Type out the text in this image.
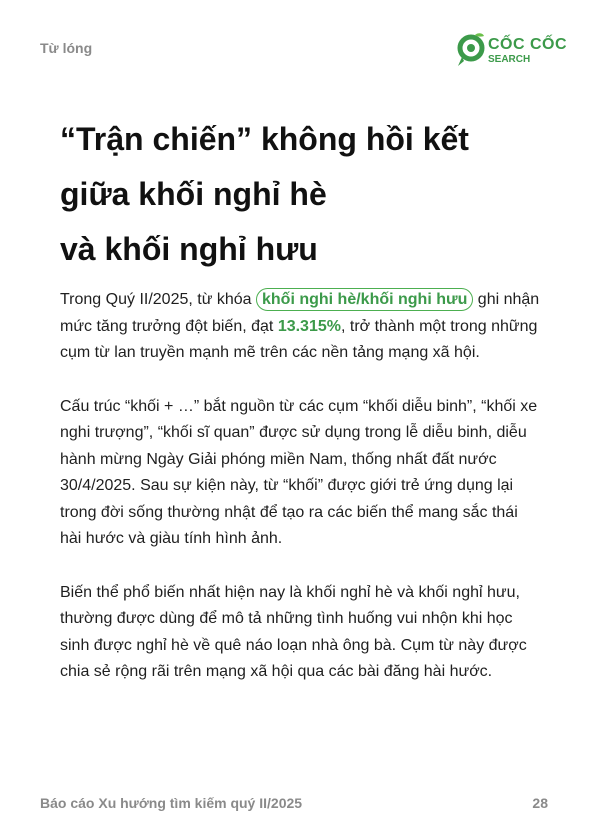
Từ lóng	CỐC CỐC
SEARCH
“Trận chiến” không hồi kết
giữa khối nghỉ hè
và khối nghỉ hưu

Trong Quý II/2025, từ khóa khối nghi hè/khối nghi hưu ghi nhận mức tăng trưởng đột biến, đạt 13.315%, trở thành một trong những cụm từ lan truyền mạnh mẽ trên các nền tảng mạng xã hội.

Cấu trúc “khối + …” bắt nguồn từ các cụm “khối diễu binh”, “khối xe nghi trượng”, “khối sĩ quan” được sử dụng trong lễ diễu binh, diễu hành mừng Ngày Giải phóng miền Nam, thống nhất đất nước 30/4/2025. Sau sự kiện này, từ “khối” được giới trẻ ứng dụng lại trong đời sống thường nhật để tạo ra các biến thể mang sắc thái hài hước và giàu tính hình ảnh.

Biến thể phổ biến nhất hiện nay là khối nghỉ hè và khối nghỉ hưu, thường được dùng để mô tả những tình huống vui nhộn khi học sinh được nghỉ hè về quê náo loạn nhà ông bà. Cụm từ này được chia sẻ rộng rãi trên mạng xã hội qua các bài đăng hài hước.

Báo cáo Xu hướng tìm kiếm quý II/2025	28
